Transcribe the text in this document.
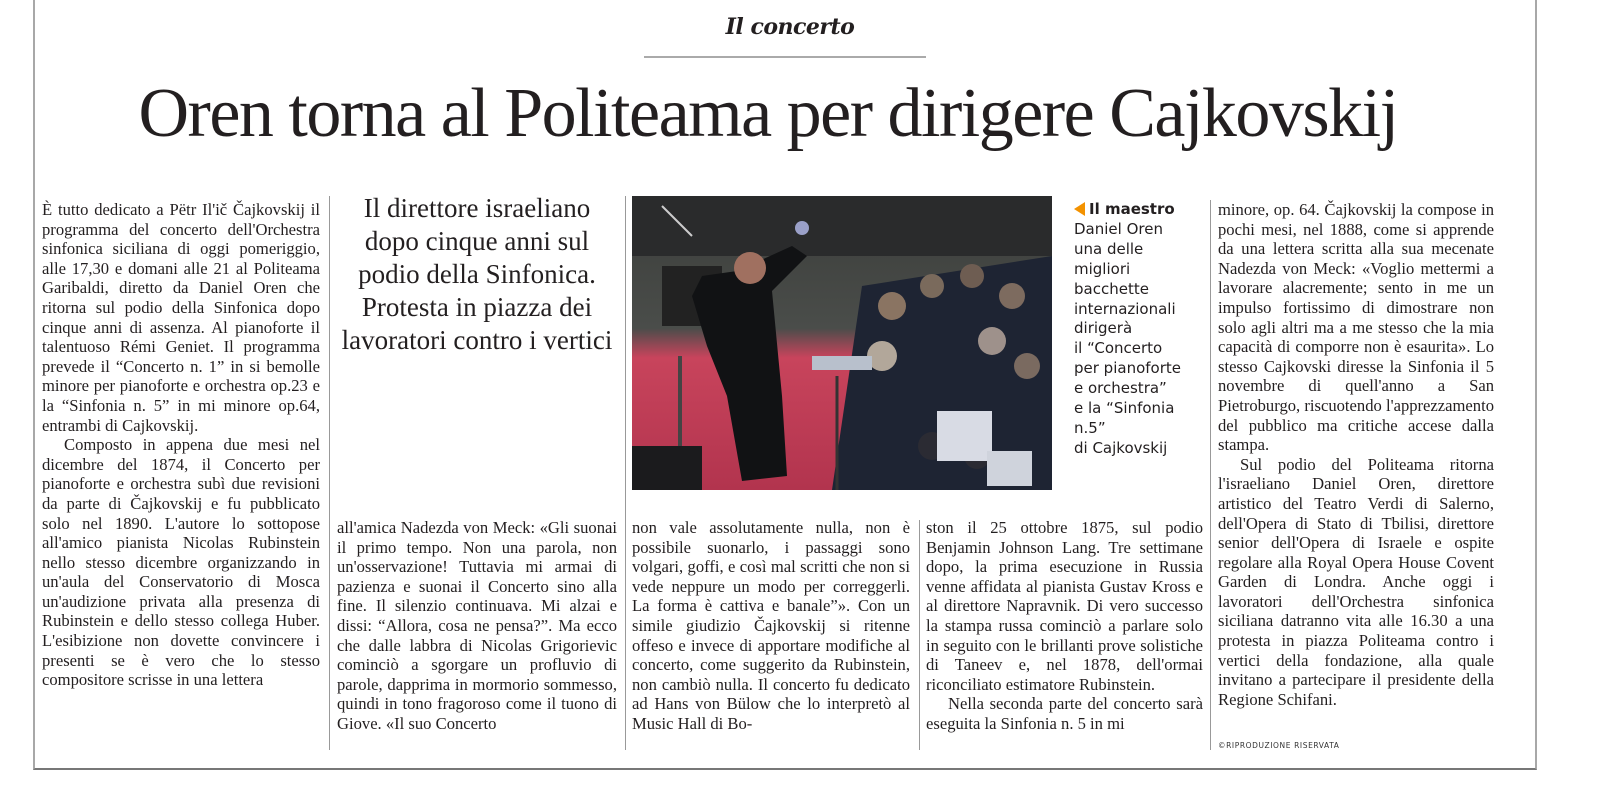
Il concerto
Oren torna al Politeama per dirigere Cajkovskij

È tutto dedicato a Pëtr Il'ič Čajkovskij il programma del concerto dell'Orchestra sinfonica siciliana di oggi pomeriggio, alle 17,30 e domani alle 21 al Politeama Garibaldi, diretto da Daniel Oren che ritorna sul podio della Sinfonica dopo cinque anni di assenza. Al pianoforte il talentuoso Rémi Geniet. Il programma prevede il “Concerto n. 1” in si bemolle minore per pianoforte e orchestra op.23 e la “Sinfonia n. 5” in mi minore op.64, entrambi di Cajkovskij.

Composto in appena due mesi nel dicembre del 1874, il Concerto per pianoforte e orchestra subì due revisioni da parte di Čajkovskij e fu pubblicato solo nel 1890. L'autore lo sottopose all'amico pianista Nicolas Rubinstein nello stesso dicembre organizzando in un'aula del Conservatorio di Mosca un'audizione privata alla presenza di Rubinstein e dello stesso collega Huber. L'esibizione non dovette convincere i presenti se è vero che lo stesso compositore scrisse in una lettera

Il direttore israeliano dopo cinque anni sul podio della Sinfonica. Protesta in piazza dei lavoratori contro i vertici

all'amica Nadezda von Meck: «Gli suonai il primo tempo. Non una parola, non un'osservazione! Tuttavia mi armai di pazienza e suonai il Concerto sino alla fine. Il silenzio continuava. Mi alzai e dissi: “Allora, cosa ne pensa?”. Ma ecco che dalle labbra di Nicolas Grigorievic cominciò a sgorgare un profluvio di parole, dapprima in mormorio sommesso, quindi in tono fragoroso come il tuono di Giove. «Il suo Concerto

Il maestro
Daniel Oren
una delle
migliori
bacchette
internazionali
dirigerà
il “Concerto
per pianoforte
e orchestra”
e la “Sinfonia
n.5”
di Cajkovskij

non vale assolutamente nulla, non è possibile suonarlo, i passaggi sono volgari, goffi, e così mal scritti che non si vede neppure un modo per correggerli. La forma è cattiva e banale”». Con un simile giudizio Čajkovskij si ritenne offeso e invece di apportare modifiche al concerto, come suggerito da Rubinstein, non cambiò nulla. Il concerto fu dedicato ad Hans von Bülow che lo interpretò al Music Hall di Bo-

ston il 25 ottobre 1875, sul podio Benjamin Johnson Lang. Tre settimane dopo, la prima esecuzione in Russia venne affidata al pianista Gustav Kross e al direttore Napravnik. Di vero successo la stampa russa cominciò a parlare solo in seguito con le brillanti prove solistiche di Taneev e, nel 1878, dell'ormai riconciliato estimatore Rubinstein.

Nella seconda parte del concerto sarà eseguita la Sinfonia n. 5 in mi

minore, op. 64. Čajkovskij la compose in pochi mesi, nel 1888, come si apprende da una lettera scritta alla sua mecenate Nadezda von Meck: «Voglio mettermi a lavorare alacremente; sento in me un impulso fortissimo di dimostrare non solo agli altri ma a me stesso che la mia capacità di comporre non è esaurita». Lo stesso Cajkovski diresse la Sinfonia il 5 novembre di quell'anno a San Pietroburgo, riscuotendo l'apprezzamento del pubblico ma critiche accese dalla stampa.

Sul podio del Politeama ritorna l'israeliano Daniel Oren, direttore artistico del Teatro Verdi di Salerno, dell'Opera di Stato di Tbilisi, direttore senior dell'Opera di Israele e ospite regolare alla Royal Opera House Covent Garden di Londra. Anche oggi i lavoratori dell'Orchestra sinfonica siciliana datranno vita alle 16.30 a una protesta in piazza Politeama contro i vertici della fondazione, alla quale invitano a partecipare il presidente della Regione Schifani.

©RIPRODUZIONE RISERVATA
